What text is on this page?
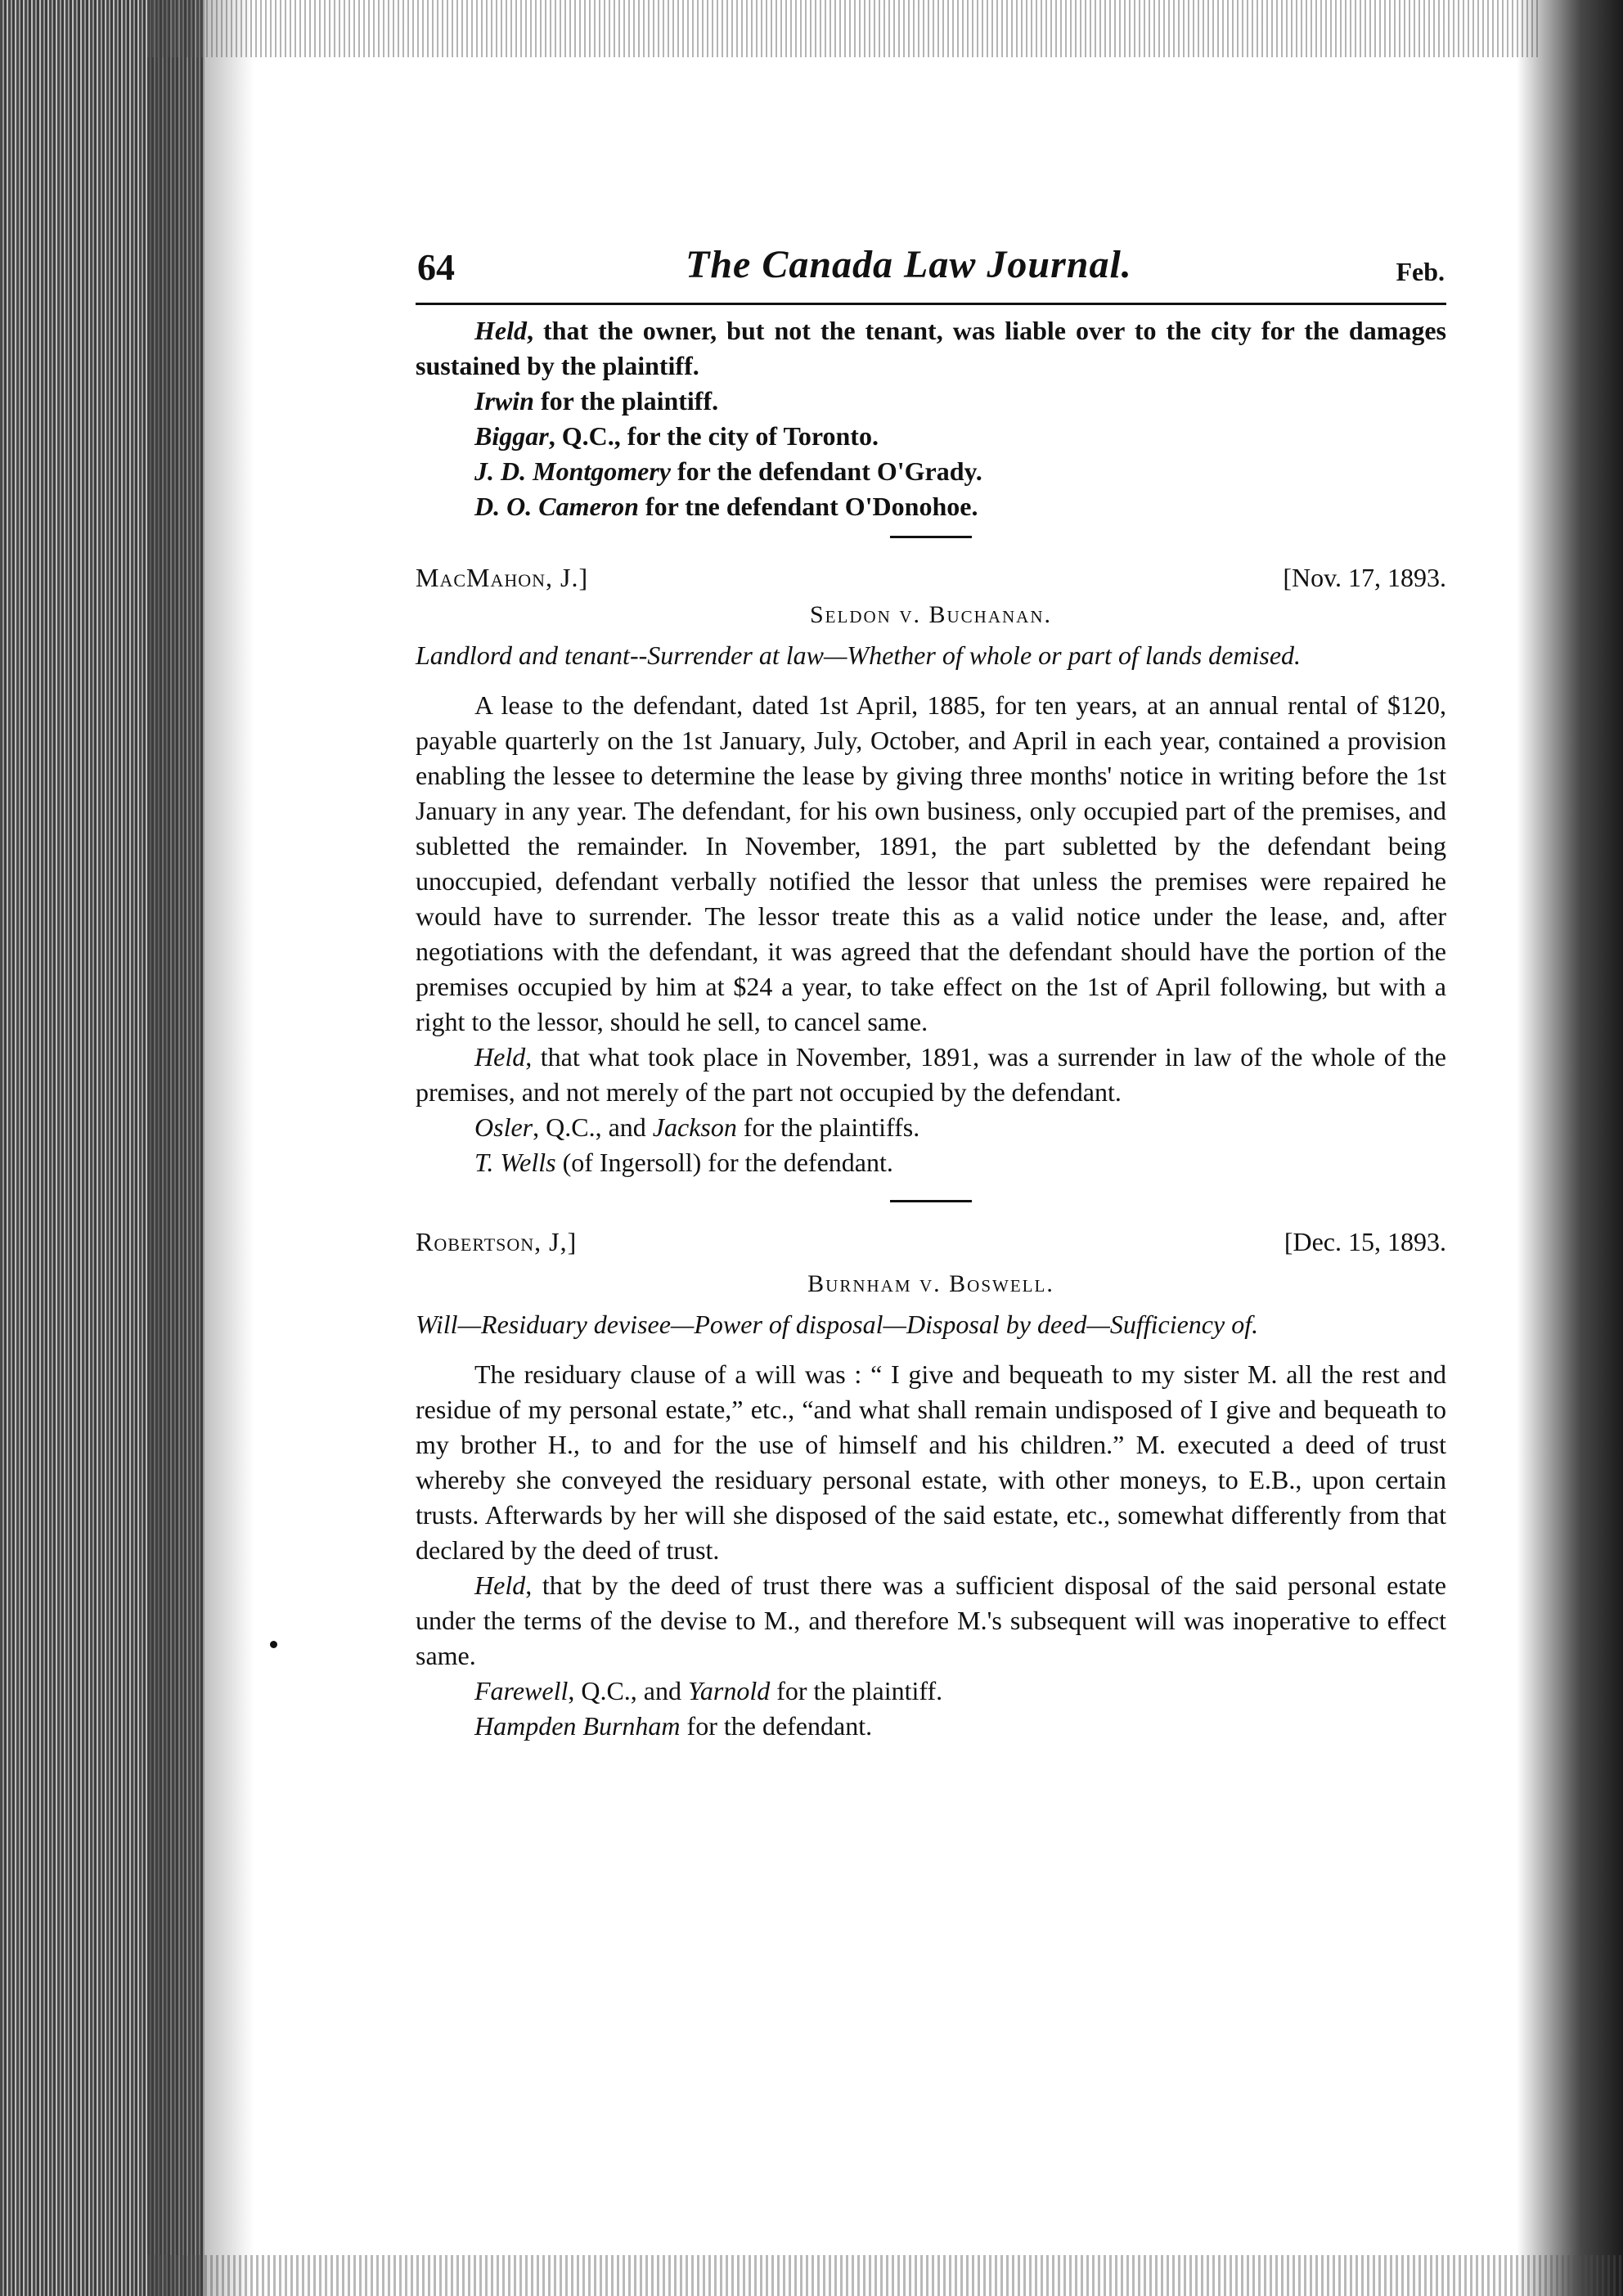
64	The Canada Law Journal.	Feb.

Held, that the owner, but not the tenant, was liable over to the city for the damages sustained by the plaintiff.

Irwin for the plaintiff.

Biggar, Q.C., for the city of Toronto.

J. D. Montgomery for the defendant O'Grady.

D. O. Cameron for tne defendant O'Donohoe.

MacMahon, J.]	[Nov. 17, 1893.
Seldon v. Buchanan.
Landlord and tenant--Surrender at law—Whether of whole or part of lands demised.

A lease to the defendant, dated 1st April, 1885, for ten years, at an annual rental of $120, payable quarterly on the 1st January, July, October, and April in each year, contained a provision enabling the lessee to determine the lease by giving three months' notice in writing before the 1st January in any year. The defendant, for his own business, only occupied part of the premises, and subletted the remainder. In November, 1891, the part subletted by the defendant being unoccupied, defendant verbally notified the lessor that unless the premises were repaired he would have to surrender. The lessor treate this as a valid notice under the lease, and, after negotiations with the defendant, it was agreed that the defendant should have the portion of the premises occupied by him at $24 a year, to take effect on the 1st of April following, but with a right to the lessor, should he sell, to cancel same.

Held, that what took place in November, 1891, was a surrender in law of the whole of the premises, and not merely of the part not occupied by the defendant.

Osler, Q.C., and Jackson for the plaintiffs.

T. Wells (of Ingersoll) for the defendant.

Robertson, J,]	[Dec. 15, 1893.
Burnham v. Boswell.
Will—Residuary devisee—Power of disposal—Disposal by deed—Sufficiency of.

The residuary clause of a will was : “ I give and bequeath to my sister M. all the rest and residue of my personal estate,” etc., “and what shall remain undisposed of I give and bequeath to my brother H., to and for the use of himself and his children.” M. executed a deed of trust whereby she conveyed the residuary personal estate, with other moneys, to E.B., upon certain trusts. Afterwards by her will she disposed of the said estate, etc., somewhat differently from that declared by the deed of trust.

Held, that by the deed of trust there was a sufficient disposal of the said personal estate under the terms of the devise to M., and therefore M.'s subsequent will was inoperative to effect same.

Farewell, Q.C., and Yarnold for the plaintiff.

Hampden Burnham for the defendant.
